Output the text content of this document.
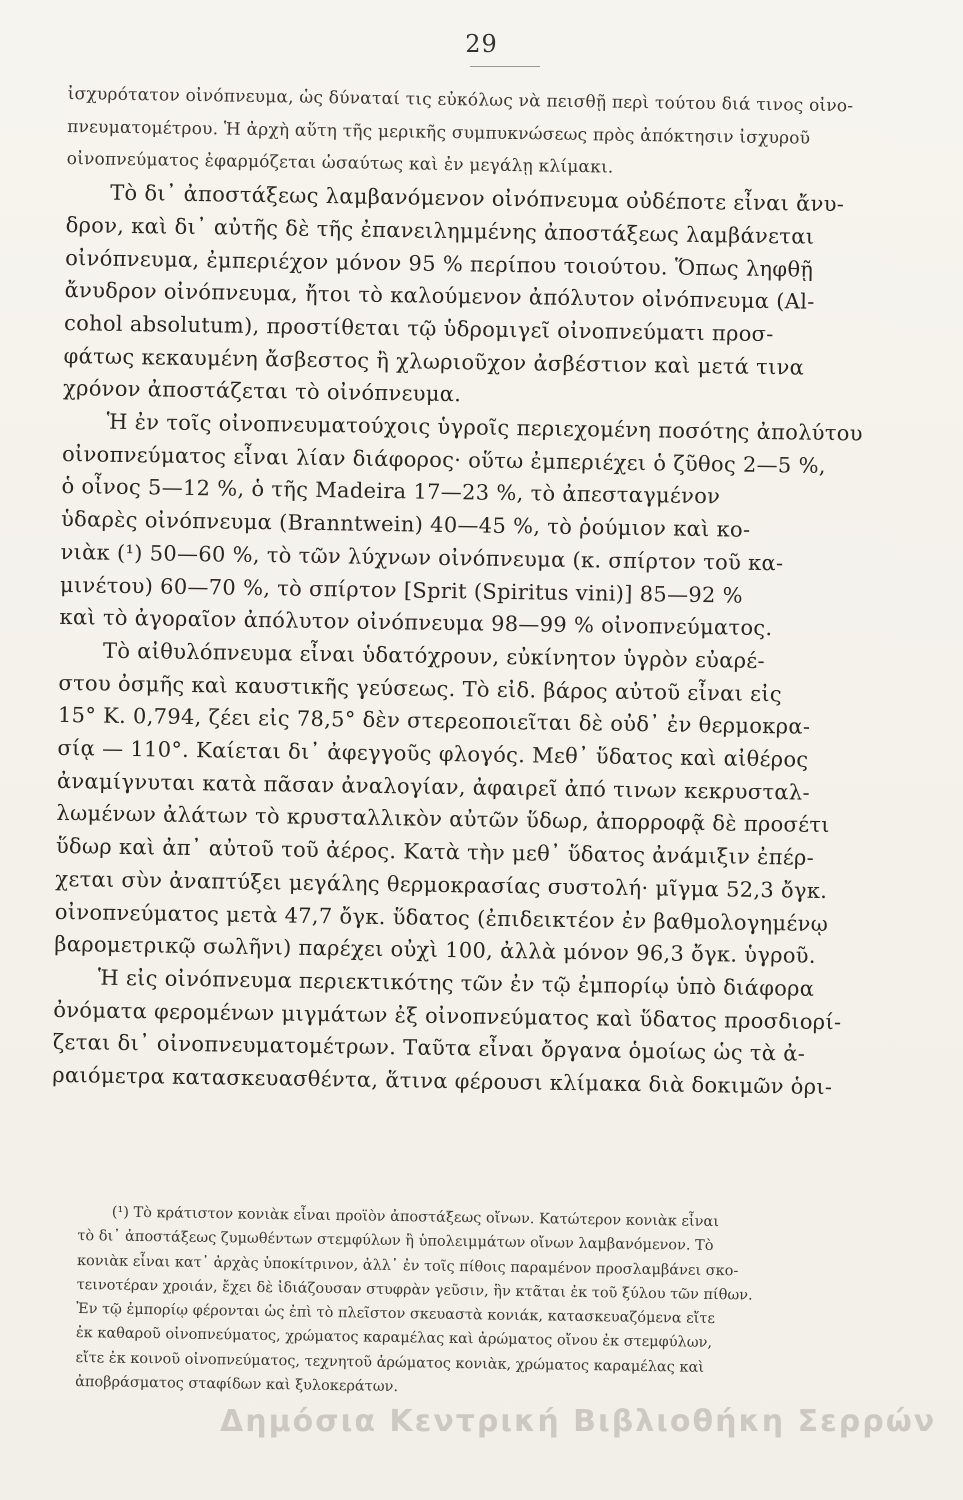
29
ἰσχυρότατον οἰνόπνευμα, ὡς δύναταί τις εὐκόλως νὰ πεισθῇ περὶ τούτου διά τινος οἰνο-
πνευματομέτρου. Ἡ ἀρχὴ αὕτη τῆς μερικῆς συμπυκνώσεως πρὸς ἀπόκτησιν ἰσχυροῦ
οἰνοπνεύματος ἐφαρμόζεται ὡσαύτως καὶ ἐν μεγάλῃ κλίμακι.
Τὸ δι᾽ ἀποστάξεως λαμβανόμενον οἰνόπνευμα οὐδέποτε εἶναι ἄνυ-
δρον, καὶ δι᾽ αὐτῆς δὲ τῆς ἐπανειλημμένης ἀποστάξεως λαμβάνεται
οἰνόπνευμα, ἐμπεριέχον μόνον 95 % περίπου τοιούτου. Ὅπως ληφθῇ
ἄνυδρον οἰνόπνευμα, ἤτοι τὸ καλούμενον ἀπόλυτον οἰνόπνευμα (Al-
cohol absolutum), προστίθεται τῷ ὑδρομιγεῖ οἰνοπνεύματι προσ-
φάτως κεκαυμένη ἄσβεστος ἢ χλωριοῦχον ἀσβέστιον καὶ μετά τινα
χρόνον ἀποστάζεται τὸ οἰνόπνευμα.
Ἡ ἐν τοῖς οἰνοπνευματούχοις ὑγροῖς περιεχομένη ποσότης ἀπολύτου
οἰνοπνεύματος εἶναι λίαν διάφορος· οὕτω ἐμπεριέχει ὁ ζῦθος 2—5 %,
ὁ οἶνος 5—12 %, ὁ τῆς Madeira 17—23 %, τὸ ἀπεσταγμένον
ὑδαρὲς οἰνόπνευμα (Branntwein) 40—45 %, τὸ ῥούμιον καὶ κο-
νιὰκ (¹) 50—60 %, τὸ τῶν λύχνων οἰνόπνευμα (κ. σπίρτον τοῦ κα-
μινέτου) 60—70 %, τὸ σπίρτον [Sprit (Spiritus vini)] 85—92 %
καὶ τὸ ἀγοραῖον ἀπόλυτον οἰνόπνευμα 98—99 % οἰνοπνεύματος.
Τὸ αἰθυλόπνευμα εἶναι ὑδατόχρουν, εὐκίνητον ὑγρὸν εὐαρέ-
στου ὀσμῆς καὶ καυστικῆς γεύσεως. Τὸ εἰδ. βάρος αὐτοῦ εἶναι εἰς
15° Κ. 0,794, ζέει εἰς 78,5° δὲν στερεοποιεῖται δὲ οὐδ᾽ ἐν θερμοκρα-
σίᾳ — 110°. Καίεται δι᾽ ἀφεγγοῦς φλογός. Μεθ᾽ ὕδατος καὶ αἰθέρος
ἀναμίγνυται κατὰ πᾶσαν ἀναλογίαν, ἀφαιρεῖ ἀπό τινων κεκρυσταλ-
λωμένων ἀλάτων τὸ κρυσταλλικὸν αὐτῶν ὕδωρ, ἀπορροφᾷ δὲ προσέτι
ὕδωρ καὶ ἀπ᾽ αὐτοῦ τοῦ ἀέρος. Κατὰ τὴν μεθ᾽ ὕδατος ἀνάμιξιν ἐπέρ-
χεται σὺν ἀναπτύξει μεγάλης θερμοκρασίας συστολή· μῖγμα 52,3 ὄγκ.
οἰνοπνεύματος μετὰ 47,7 ὄγκ. ὕδατος (ἐπιδεικτέον ἐν βαθμολογημένῳ
βαρομετρικῷ σωλῆνι) παρέχει οὐχὶ 100, ἀλλὰ μόνον 96,3 ὄγκ. ὑγροῦ.
Ἡ εἰς οἰνόπνευμα περιεκτικότης τῶν ἐν τῷ ἐμπορίῳ ὑπὸ διάφορα
ὀνόματα φερομένων μιγμάτων ἐξ οἰνοπνεύματος καὶ ὕδατος προσδιορί-
ζεται δι᾽ οἰνοπνευματομέτρων. Ταῦτα εἶναι ὄργανα ὁμοίως ὡς τὰ ἀ-
ραιόμετρα κατασκευασθέντα, ἅτινα φέρουσι κλίμακα διὰ δοκιμῶν ὁρι-
(¹) Τὸ κράτιστον κονιὰκ εἶναι προϊὸν ἀποστάξεως οἴνων. Κατώτερον κονιὰκ εἶναι
τὸ δι᾽ ἀποστάξεως ζυμωθέντων στεμφύλων ἢ ὑπολειμμάτων οἴνων λαμβανόμενον. Τὸ
κονιὰκ εἶναι κατ᾽ ἀρχὰς ὑποκίτρινον, ἀλλ᾽ ἐν τοῖς πίθοις παραμένον προσλαμβάνει σκο-
τεινοτέραν χροιάν, ἔχει δὲ ἰδιάζουσαν στυφρὰν γεῦσιν, ἣν κτᾶται ἐκ τοῦ ξύλου τῶν πίθων.
Ἐν τῷ ἐμπορίῳ φέρονται ὡς ἐπὶ τὸ πλεῖστον σκευαστὰ κονιάκ, κατασκευαζόμενα εἴτε
ἐκ καθαροῦ οἰνοπνεύματος, χρώματος καραμέλας καὶ ἀρώματος οἴνου ἐκ στεμφύλων,
εἴτε ἐκ κοινοῦ οἰνοπνεύματος, τεχνητοῦ ἀρώματος κονιὰκ, χρώματος καραμέλας καὶ
ἀποβράσματος σταφίδων καὶ ξυλοκεράτων.
Δημόσια Κεντρική Βιβλιοθήκη Σερρών
